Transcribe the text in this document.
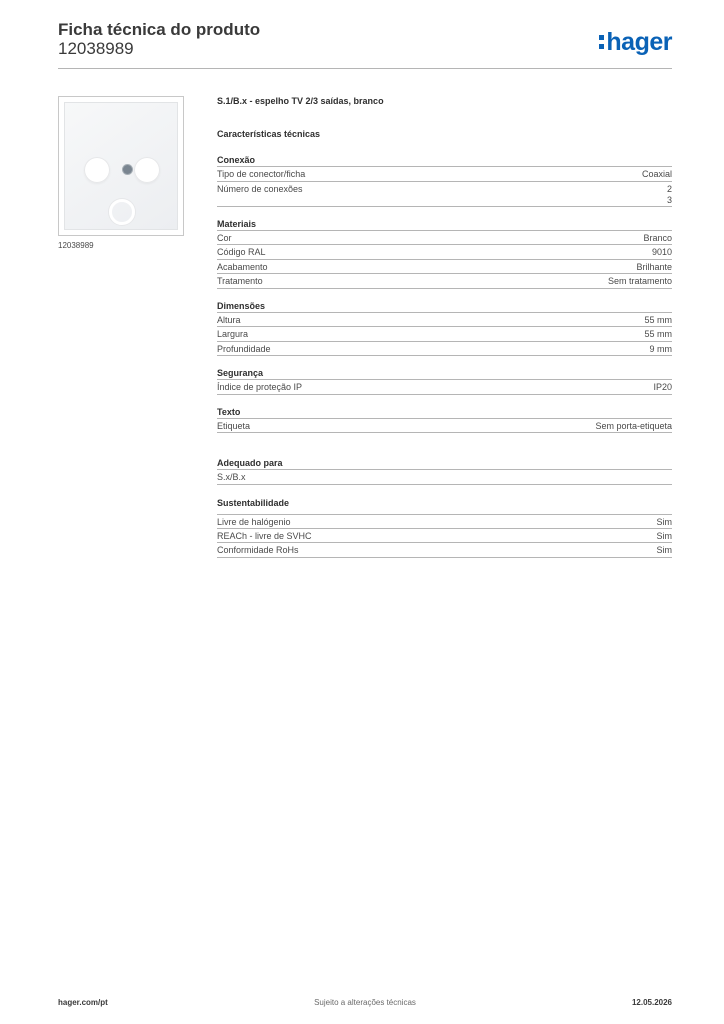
Ficha técnica do produto
12038989	hager
12038989
S.1/B.x - espelho TV 2/3 saídas, branco
Características técnicas
Conexão
Tipo de conector/ficha	Coaxial
Número de conexões	2
3
Materiais
Cor	Branco
Código RAL	9010
Acabamento	Brilhante
Tratamento	Sem tratamento
Dimensões
Altura	55 mm
Largura	55 mm
Profundidade	9 mm
Segurança
Índice de proteção IP	IP20
Texto
Etiqueta	Sem porta-etiqueta
Adequado para
S.x/B.x
Sustentabilidade
Livre de halógenio	Sim
REACh - livre de SVHC	Sim
Conformidade RoHs	Sim
Sujeito a alterações técnicas
hager.com/pt	12.05.2026
